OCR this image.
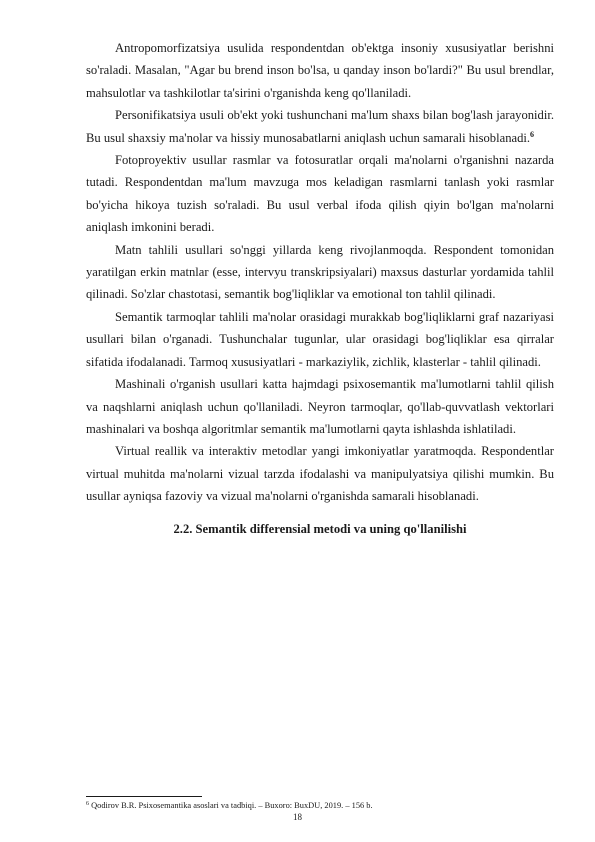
Antropomorfizatsiya usulida respondentdan ob'ektga insoniy xususiyatlar berishni so'raladi. Masalan, "Agar bu brend inson bo'lsa, u qanday inson bo'lardi?" Bu usul brendlar, mahsulotlar va tashkilotlar ta'sirini o'rganishda keng qo'llaniladi.

Personifikatsiya usuli ob'ekt yoki tushunchani ma'lum shaxs bilan bog'lash jarayonidir. Bu usul shaxsiy ma'nolar va hissiy munosabatlarni aniqlash uchun samarali hisoblanadi.$^6$

Fotoproyektiv usullar rasmlar va fotosuratlar orqali ma'nolarni o'rganishni nazarda tutadi. Respondentdan ma'lum mavzuga mos keladigan rasmlarni tanlash yoki rasmlar bo'yicha hikoya tuzish so'raladi. Bu usul verbal ifoda qilish qiyin bo'lgan ma'nolarni aniqlash imkonini beradi.

Matn tahlili usullari so'nggi yillarda keng rivojlanmoqda. Respondent tomonidan yaratilgan erkin matnlar (esse, intervyu transkripsiyalari) maxsus dasturlar yordamida tahlil qilinadi. So'zlar chastotasi, semantik bog'liqliklar va emotional ton tahlil qilinadi.

Semantik tarmoqlar tahlili ma'nolar orasidagi murakkab bog'liqliklarni graf nazariyasi usullari bilan o'rganadi. Tushunchalar tugunlar, ular orasidagi bog'liqliklar esa qirralar sifatida ifodalanadi. Tarmoq xususiyatlari - markaziylik, zichlik, klasterlar - tahlil qilinadi.

Mashinali o'rganish usullari katta hajmdagi psixosemantik ma'lumotlarni tahlil qilish va naqshlarni aniqlash uchun qo'llaniladi. Neyron tarmoqlar, qo'llab-quvvatlash vektorlari mashinalari va boshqa algoritmlar semantik ma'lumotlarni qayta ishlashda ishlatiladi.

Virtual reallik va interaktiv metodlar yangi imkoniyatlar yaratmoqda. Respondentlar virtual muhitda ma'nolarni vizual tarzda ifodalashi va manipulyatsiya qilishi mumkin. Bu usullar ayniqsa fazoviy va vizual ma'nolarni o'rganishda samarali hisoblanadi.

2.2. Semantik differensial metodi va uning qo'llanilishi
$^6$ Qodirov B.R. Psixosemantika asoslari va tadbiqi. – Buxoro: BuxDU, 2019. – 156 b.
18
